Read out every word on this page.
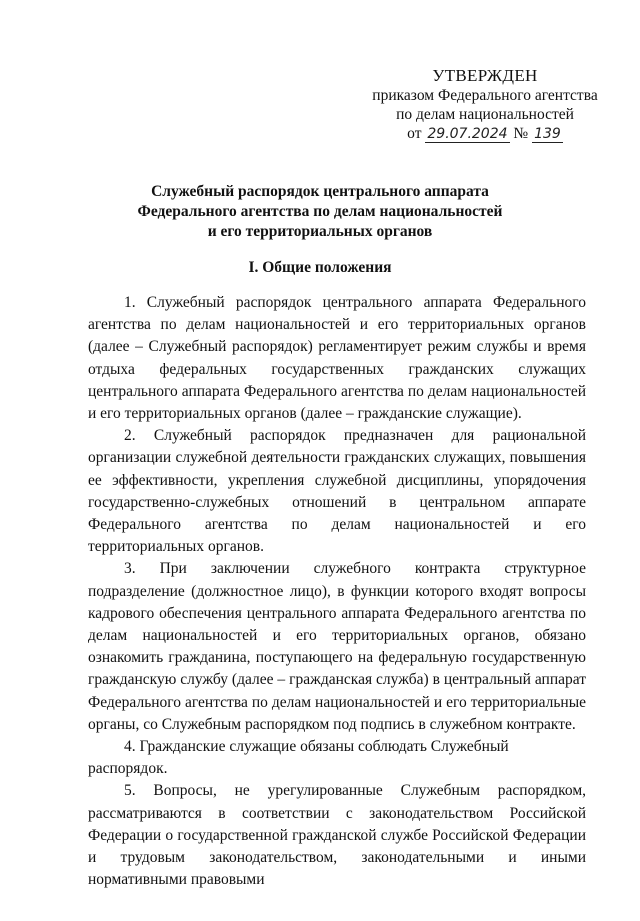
УТВЕРЖДЕН
приказом Федерального агентства
по делам национальностей
от 29.07.2024 № 139
Служебный распорядок центрального аппарата
Федерального агентства по делам национальностей
и его территориальных органов
I. Общие положения

1. Служебный распорядок центрального аппарата Федерального агентства по делам национальностей и его территориальных органов (далее – Служебный распорядок) регламентирует режим службы и время отдыха федеральных государственных гражданских служащих центрального аппарата Федерального агентства по делам национальностей и его территориальных органов (далее – гражданские служащие).

2. Служебный распорядок предназначен для рациональной организации служебной деятельности гражданских служащих, повышения ее эффективности, укрепления служебной дисциплины, упорядочения государственно-служебных отношений в центральном аппарате Федерального агентства по делам национальностей и его территориальных органов.

3. При заключении служебного контракта структурное подразделение (должностное лицо), в функции которого входят вопросы кадрового обеспечения центрального аппарата Федерального агентства по делам национальностей и его территориальных органов, обязано ознакомить гражданина, поступающего на федеральную государственную гражданскую службу (далее – гражданская служба) в центральный аппарат Федерального агентства по делам национальностей и его территориальные органы, со Служебным распорядком под подпись в служебном контракте.

4. Гражданские служащие обязаны соблюдать Служебный распорядок.

5. Вопросы, не урегулированные Служебным распорядком, рассматриваются в соответствии с законодательством Российской Федерации о государственной гражданской службе Российской Федерации и трудовым законодательством, законодательными и иными нормативными правовыми
